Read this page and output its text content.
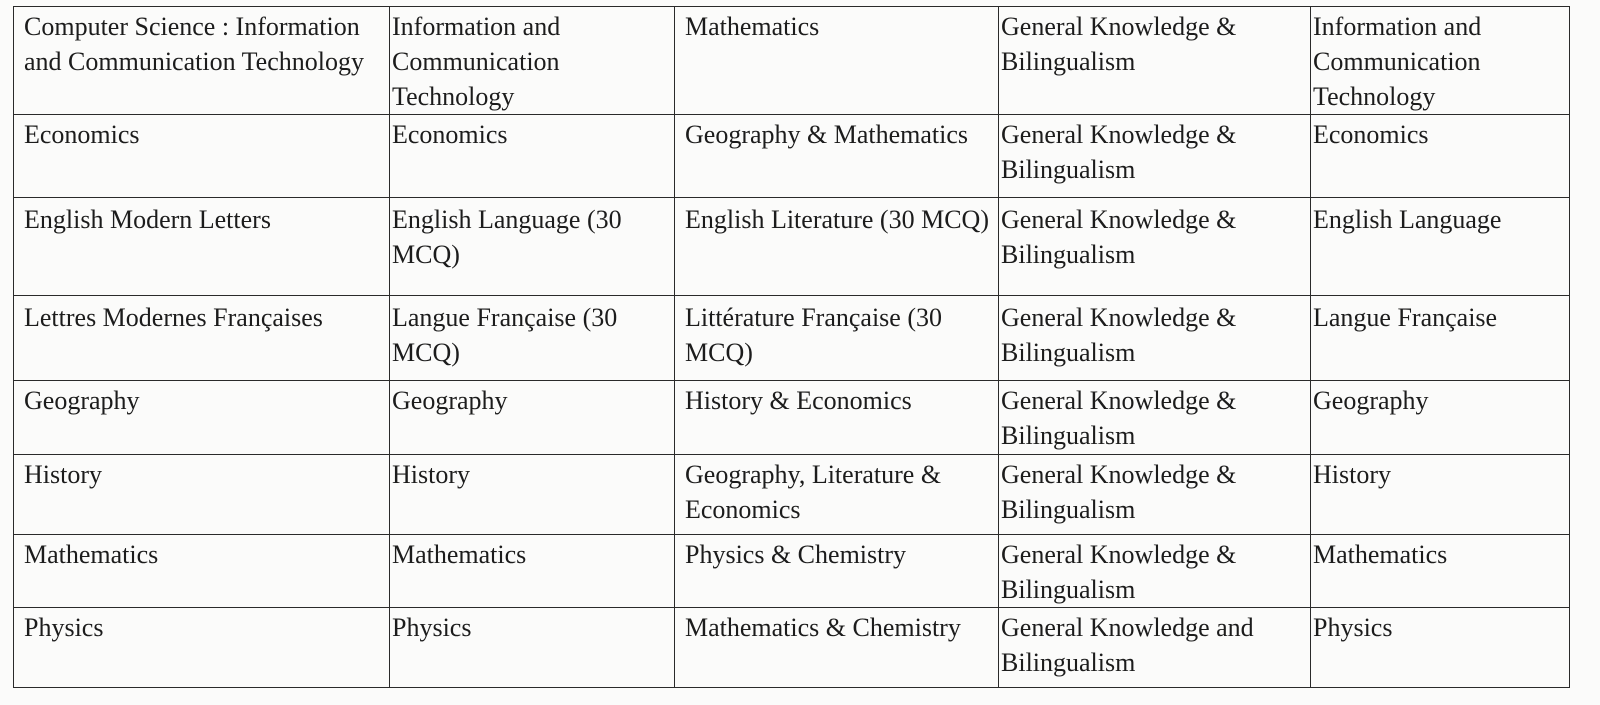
Computer Science : Information and Communication Technology	Information and Communication Technology	Mathematics	General Knowledge & Bilingualism	Information and Communication Technology

Economics	Economics	Geography & Mathematics	General Knowledge & Bilingualism	Economics

English Modern Letters	English Language (30 MCQ)	English Literature (30 MCQ)	General Knowledge & Bilingualism	English Language

Lettres Modernes Françaises	Langue Française (30 MCQ)	Littérature Française (30 MCQ)	General Knowledge & Bilingualism	Langue Française

Geography	Geography	History & Economics	General Knowledge & Bilingualism	Geography

History	History	Geography, Literature & Economics	General Knowledge & Bilingualism	History

Mathematics	Mathematics	Physics & Chemistry	General Knowledge & Bilingualism	Mathematics

Physics	Physics	Mathematics & Chemistry	General Knowledge and Bilingualism	Physics
